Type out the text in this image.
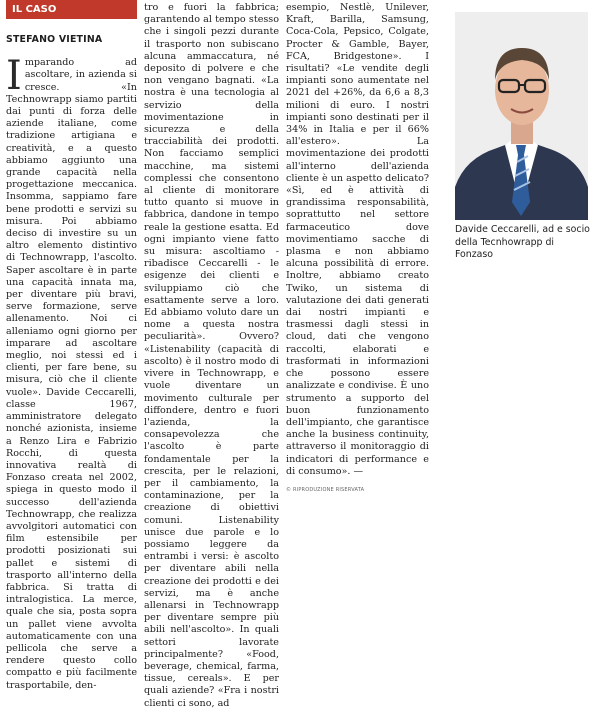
IL CASO
STEFANO VIETINA

Imparando ad ascoltare, in azienda si cresce. «In Technowrapp siamo partiti dai punti di forza delle aziende italiane, come tradizione artigiana e creatività, e a questo abbiamo aggiunto una grande capacità nella progettazione meccanica. Insomma, sappiamo fare bene prodotti e servizi su misura. Poi abbiamo deciso di investire su un altro elemento distintivo di Technowrapp, l'ascolto. Saper ascoltare è in parte una capacità innata ma, per diventare più bravi, serve formazione, serve allenamento. Noi ci alleniamo ogni giorno per imparare ad ascoltare meglio, noi stessi ed i clienti, per fare bene, su misura, ciò che il cliente vuole». Davide Ceccarelli, classe 1967, amministratore delegato nonché azionista, insieme a Renzo Lira e Fabrizio Rocchi, di questa innovativa realtà di Fonzaso creata nel 2002, spiega in questo modo il successo dell'azienda Technowrapp, che realizza avvolgitori automatici con film estensibile per prodotti posizionati sui pallet e sistemi di trasporto all'interno della fabbrica. Si tratta di intralogistica. La merce, quale che sia, posta sopra un pallet viene avvolta automaticamente con una pellicola che serve a rendere questo collo compatto e più facilmente trasportabile, den-

tro e fuori la fabbrica; garantendo al tempo stesso che i singoli pezzi durante il trasporto non subiscano alcuna ammaccatura, né deposito di polvere e che non vengano bagnati. «La nostra è una tecnologia al servizio della movimentazione in sicurezza e della tracciabilità dei prodotti. Non facciamo semplici macchine, ma sistemi complessi che consentono al cliente di monitorare tutto quanto si muove in fabbrica, dandone in tempo reale la gestione esatta. Ed ogni impianto viene fatto su misura: ascoltiamo - ribadisce Ceccarelli - le esigenze dei clienti e sviluppiamo ciò che esattamente serve a loro. Ed abbiamo voluto dare un nome a questa nostra peculiarità». Ovvero? «Listenability (capacità di ascolto) è il nostro modo di vivere in Technowrapp, e vuole diventare un movimento culturale per diffondere, dentro e fuori l'azienda, la consapevolezza che l'ascolto è parte fondamentale per la crescita, per le relazioni, per il cambiamento, la contaminazione, per la creazione di obiettivi comuni. Listenability unisce due parole e lo possiamo leggere da entrambi i versi: è ascolto per diventare abili nella creazione dei prodotti e dei servizi, ma è anche allenarsi in Technowrapp per diventare sempre più abili nell'ascolto». In quali settori lavorate principalmente? «Food, beverage, chemical, farma, tissue, cereals». E per quali aziende? «Fra i nostri clienti ci sono, ad

esempio, Nestlè, Unilever, Kraft, Barilla, Samsung, Coca-Cola, Pepsico, Colgate, Procter & Gamble, Bayer, FCA, Bridgestone». I risultati? «Le vendite degli impianti sono aumentate nel 2021 del +26%, da 6,6 a 8,3 milioni di euro. I nostri impianti sono destinati per il 34% in Italia e per il 66% all'estero». La movimentazione dei prodotti all'interno dell'azienda cliente è un aspetto delicato? «Sì, ed è attività di grandissima responsabilità, soprattutto nel settore farmaceutico dove movimentiamo sacche di plasma e non abbiamo alcuna possibilità di errore. Inoltre, abbiamo creato Twiko, un sistema di valutazione dei dati generati dai nostri impianti e trasmessi dagli stessi in cloud, dati che vengono raccolti, elaborati e trasformati in informazioni che possono essere analizzate e condivise. È uno strumento a supporto del buon funzionamento dell'impianto, che garantisce anche la business continuity, attraverso il monitoraggio di indicatori di performance e di consumo». —

© RIPRODUZIONE RISERVATA
Davide Ceccarelli, ad e socio
della Tecnhowrapp di Fonzaso
